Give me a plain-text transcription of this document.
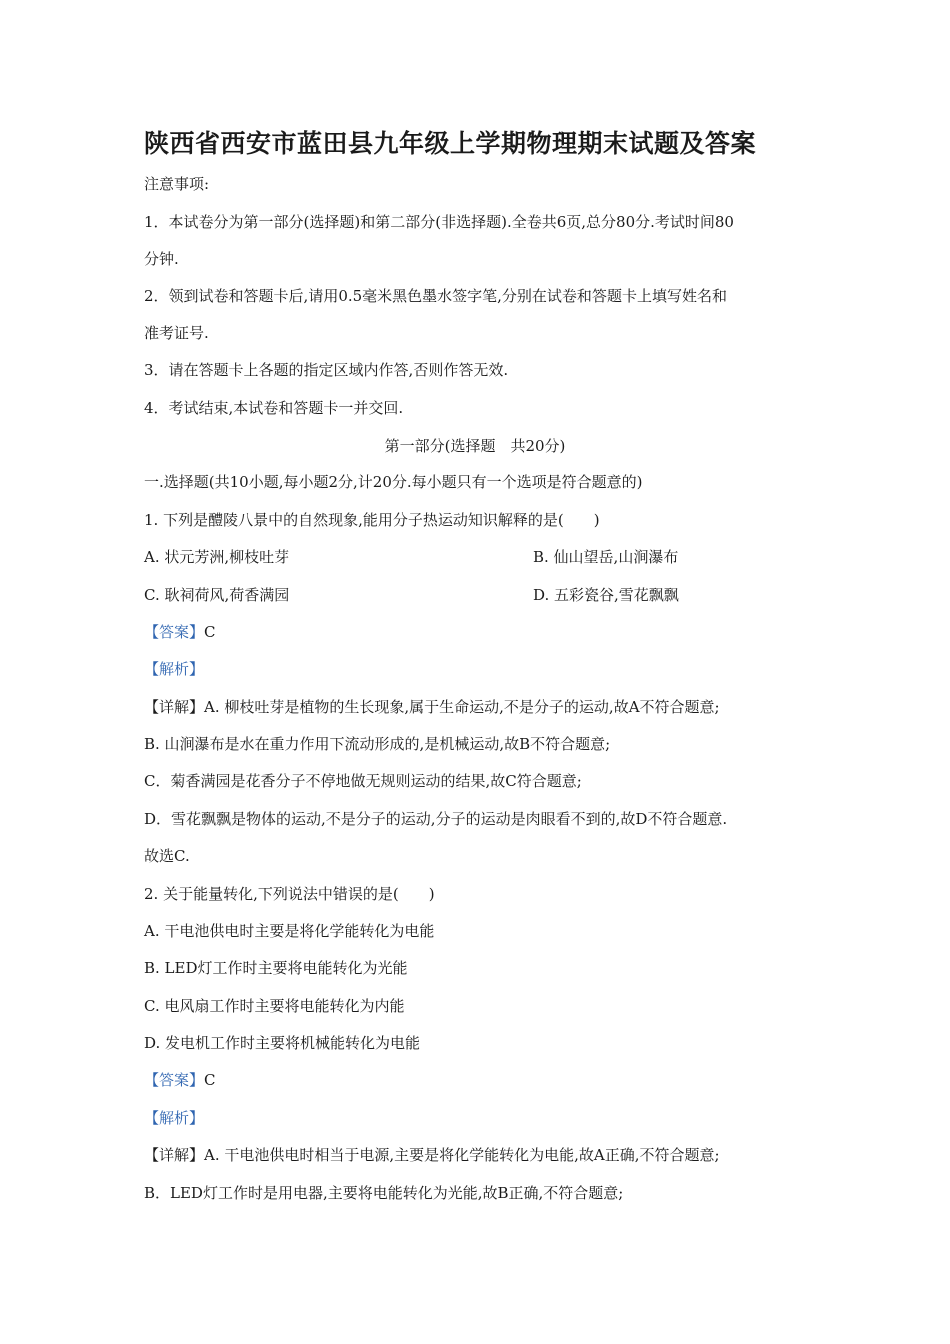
陕西省西安市蓝田县九年级上学期物理期末试题及答案
注意事项:
1．本试卷分为第一部分(选择题)和第二部分(非选择题).全卷共6页,总分80分.考试时间80
分钟.
2．领到试卷和答题卡后,请用0.5毫米黑色墨水签字笔,分别在试卷和答题卡上填写姓名和
准考证号.
3．请在答题卡上各题的指定区域内作答,否则作答无效.
4．考试结束,本试卷和答题卡一并交回.
第一部分(选择题　共20分)
一.选择题(共10小题,每小题2分,计20分.每小题只有一个选项是符合题意的)
1. 下列是醴陵八景中的自然现象,能用分子热运动知识解释的是(　　)
A. 状元芳洲,柳枝吐芽	B. 仙山望岳,山涧瀑布
C. 耿祠荷风,荷香满园	D. 五彩瓷谷,雪花飘飘
【答案】C
【解析】
【详解】A. 柳枝吐芽是植物的生长现象,属于生命运动,不是分子的运动,故A不符合题意;
B. 山涧瀑布是水在重力作用下流动形成的,是机械运动,故B不符合题意;
C．菊香满园是花香分子不停地做无规则运动的结果,故C符合题意;
D．雪花飘飘是物体的运动,不是分子的运动,分子的运动是肉眼看不到的,故D不符合题意.
故选C.
2. 关于能量转化,下列说法中错误的是(　　)
A. 干电池供电时主要是将化学能转化为电能
B. LED灯工作时主要将电能转化为光能
C. 电风扇工作时主要将电能转化为内能
D. 发电机工作时主要将机械能转化为电能
【答案】C
【解析】
【详解】A. 干电池供电时相当于电源,主要是将化学能转化为电能,故A正确,不符合题意;
B．LED灯工作时是用电器,主要将电能转化为光能,故B正确,不符合题意;
